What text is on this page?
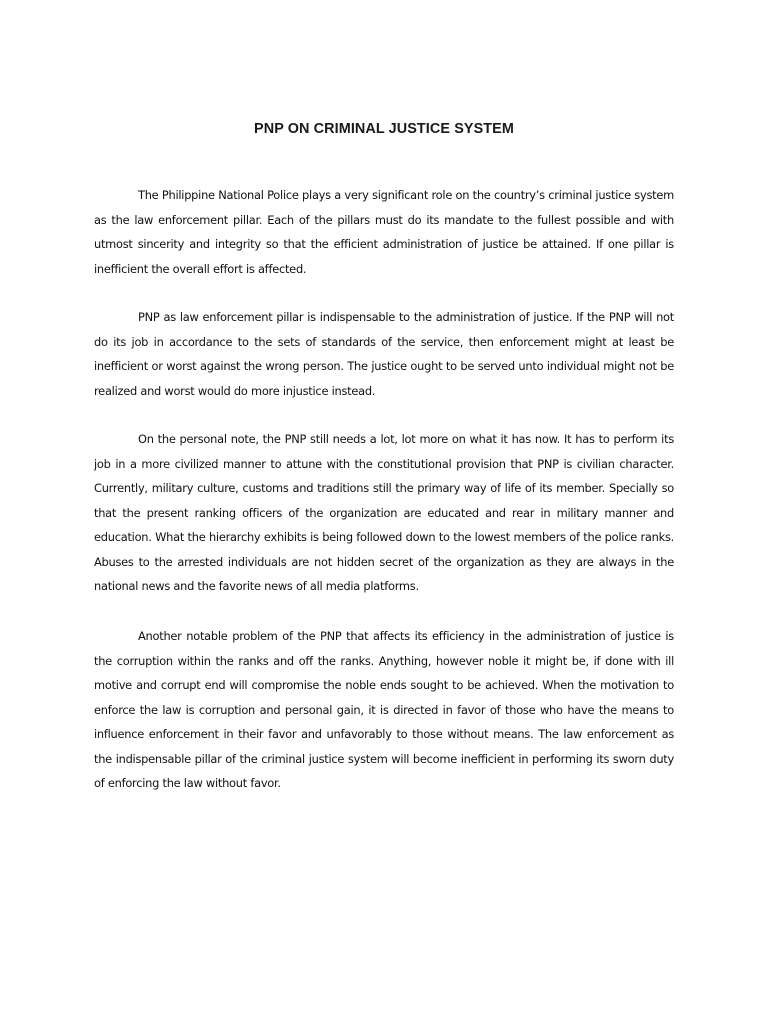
PNP ON CRIMINAL JUSTICE SYSTEM

The Philippine National Police plays a very significant role on the country’s criminal justice system as the law enforcement pillar. Each of the pillars must do its mandate to the fullest possible and with utmost sincerity and integrity so that the efficient administration of justice be attained. If one pillar is inefficient the overall effort is affected.

PNP as law enforcement pillar is indispensable to the administration of justice. If the PNP will not do its job in accordance to the sets of standards of the service, then enforcement might at least be inefficient or worst against the wrong person. The justice ought to be served unto individual might not be realized and worst would do more injustice instead.

On the personal note, the PNP still needs a lot, lot more on what it has now. It has to perform its job in a more civilized manner to attune with the constitutional provision that PNP is civilian character. Currently, military culture, customs and traditions still the primary way of life of its member. Specially so that the present ranking officers of the organization are educated and rear in military manner and education. What the hierarchy exhibits is being followed down to the lowest members of the police ranks. Abuses to the arrested individuals are not hidden secret of the organization as they are always in the national news and the favorite news of all media platforms.

Another notable problem of the PNP that affects its efficiency in the administration of justice is the corruption within the ranks and off the ranks. Anything, however noble it might be, if done with ill motive and corrupt end will compromise the noble ends sought to be achieved. When the motivation to enforce the law is corruption and personal gain, it is directed in favor of those who have the means to influence enforcement in their favor and unfavorably to those without means. The law enforcement as the indispensable pillar of the criminal justice system will become inefficient in performing its sworn duty of enforcing the law without favor.
